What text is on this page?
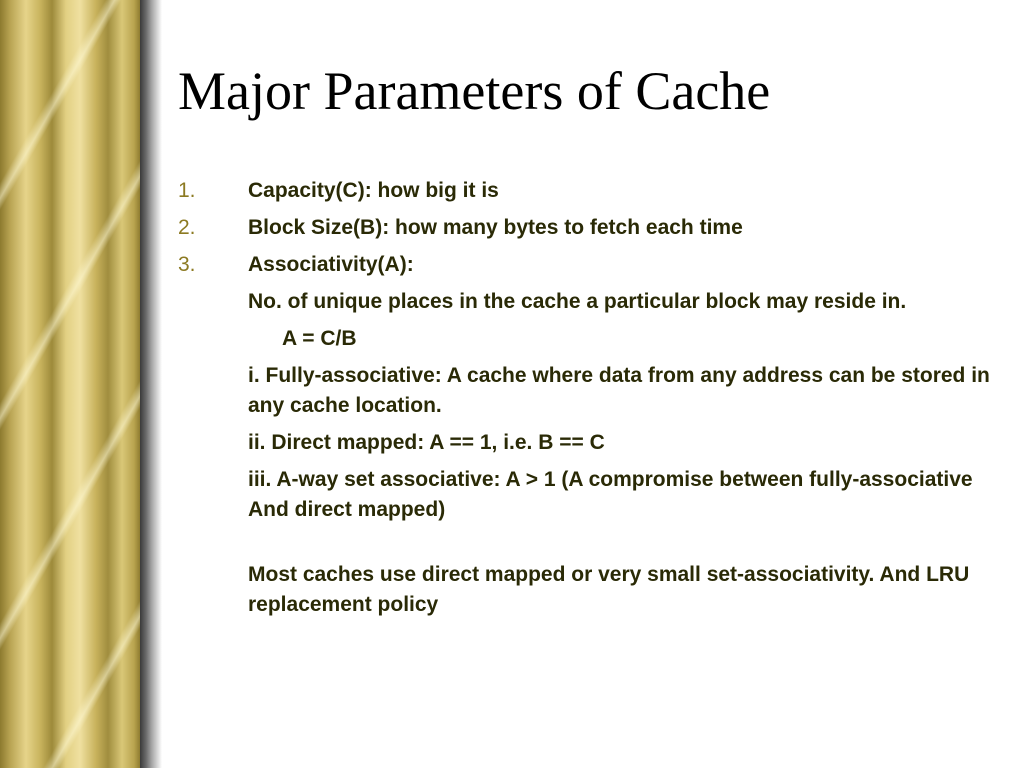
Major Parameters of Cache
1.	Capacity(C): how big it is
2.	Block Size(B): how many bytes to fetch each time
3.	Associativity(A):
No. of unique places in the cache a particular block may reside in.
A = C/B
i. Fully-associative: A cache where data from any address can be stored in any cache location.
ii. Direct mapped: A == 1, i.e. B == C
iii. A-way set associative: A > 1 (A compromise between fully-associative And direct mapped)
Most caches use direct mapped or very small set-associativity. And LRU replacement policy
